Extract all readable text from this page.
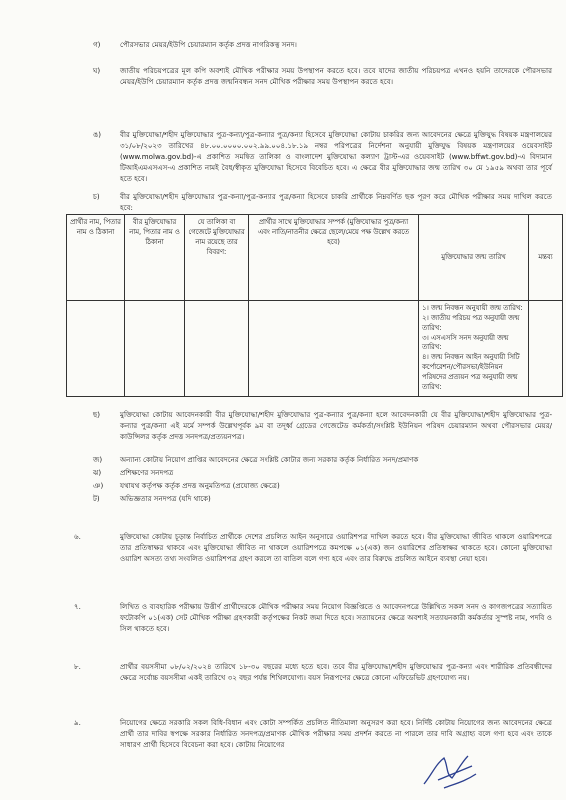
গ)	পৌরসভার মেয়র/ইউপি চেয়ারম্যান কর্তৃক প্রদত্ত নাগরিকত্ব সনদ।
ঘ)	জাতীয় পরিচয়পত্রের মূল কপি অবশ্যই মৌখিক পরীক্ষার সময় উপস্থাপন করতে হবে। তবে যাদের জাতীয় পরিচয়পত্র এখনও হয়নি তাদেরকে পৌরসভার মেয়র/ইউপি চেয়ারম্যান কর্তৃক প্রদত্ত জন্মনিবন্ধন সনদ মৌখিক পরীক্ষার সময় উপস্থাপন করতে হবে।
ঙ)	বীর মুক্তিযোদ্ধা/শহীদ মুক্তিযোদ্ধার পুত্র-কন্যা/পুত্র-কন্যার পুত্র/কন্যা হিসেবে মুক্তিযোদ্ধা কোটায় চাকরির জন্য আবেদনের ক্ষেত্রে মুক্তিযুদ্ধ বিষয়ক মন্ত্রণালয়ের ৩১/০৮/২০২৩ তারিখের ৪৮.০০.০০০০.০০২.৯৯.০০৪.১৮.১৯ নম্বর পরিপত্রের নির্দেশনা অনুযায়ী মুক্তিযুদ্ধ বিষয়ক মন্ত্রণালয়ের ওয়েবসাইট (www.molwa.gov.bd)-এ প্রকাশিত সমন্বিত তালিকা ও বাংলাদেশ মুক্তিযোদ্ধা কল্যাণ ট্রাস্ট-এর ওয়েবসাইট (www.bffwt.gov.bd)-এ বিদ্যমান টিআইএমএসএস-এ প্রকাশিত নামই বৈধ/স্বীকৃত মুক্তিযোদ্ধা হিসেবে বিবেচিত হবে। এ ক্ষেত্রে বীর মুক্তিযোদ্ধার জন্ম তারিখ ৩০ মে ১৯৫৯ অথবা তার পূর্বে হতে হবে।
চ)	বীর মুক্তিযোদ্ধা/শহীদ মুক্তিযোদ্ধার পুত্র-কন্যা/পুত্র-কন্যার পুত্র/কন্যা হিসেবে চাকরি প্রার্থীকে নিম্নবর্ণিত ছক পূরণ করে মৌখিক পরীক্ষার সময় দাখিল করতে হবে:
প্রার্থীর নাম, পিতার নাম ও ঠিকানা	বীর মুক্তিযোদ্ধার নাম, পিতার নাম ও ঠিকানা	যে তালিকা বা গেজেটে মুক্তিযোদ্ধার নাম রয়েছে তার বিবরণ:	প্রার্থীর সাথে মুক্তিযোদ্ধার সম্পর্ক (মুক্তিযোদ্ধার পুত্র/কন্যা এবং নাতি/নাতনীর ক্ষেত্রে ছেলে/মেয়ে পক্ষ উল্লেখ করতে হবে)	মুক্তিযোদ্ধার জন্ম তারিখ	মন্তব্য

				১। জন্ম নিবন্ধন অনুযায়ী জন্ম তারিখ:
২। জাতীয় পরিচয় পত্র অনুযায়ী জন্ম তারিখ:
৩। এসএসসি সনদ অনুযায়ী জন্ম তারিখ:
৪। জন্ম নিবন্ধন আইন অনুযায়ী সিটি কর্পোরেশন/পৌরসভা/ইউনিয়ন পরিষদের প্রত্যয়ন পত্র অনুযায়ী জন্ম তারিখ:	

ছ)	মুক্তিযোদ্ধা কোটায় আবেদনকারী বীর মুক্তিযোদ্ধা/শহীদ মুক্তিযোদ্ধার পুত্র-কন্যার পুত্র/কন্যা হলে আবেদনকারী যে বীর মুক্তিযোদ্ধা/শহীদ মুক্তিযোদ্ধার পুত্র-কন্যার পুত্র/কন্যা এই মর্মে সম্পর্ক উল্লেখপূর্বক ৯ম বা তদূর্ধ্ব গ্রেডের গেজেটেড কর্মকর্তা/সংশ্লিষ্ট ইউনিয়ন পরিষদ চেয়ারম্যান অথবা পৌরসভার মেয়র/কাউন্সিলর কর্তৃক প্রদত্ত সনদপত্র/প্রত্যয়নপত্র।
জ)	অন্যান্য কোটায় নিয়োগ প্রাপ্তির আবেদনের ক্ষেত্রে সংশ্লিষ্ট কোটার জন্য সরকার কর্তৃক নির্ধারিত সনদ/প্রমাণক
ঝ)	প্রশিক্ষণের সনদপত্র
ঞ) যথাযথ কর্তৃপক্ষ কর্তৃক প্রদত্ত অনুমতিপত্র (প্রযোজ্য ক্ষেত্রে)
ট)	অভিজ্ঞতার সনদপত্র (যদি থাকে)
৬.	মুক্তিযোদ্ধা কোটায় চূড়ান্ত নির্বাচিত প্রার্থীকে দেশের প্রচলিত আইন অনুসারে ওয়ারিশপত্র দাখিল করতে হবে। বীর মুক্তিযোদ্ধা জীবিত থাকলে ওয়ারিশপত্রে তার প্রতিস্বাক্ষর থাকবে এবং মুক্তিযোদ্ধা জীবিত না থাকলে ওয়ারিশপত্রে কমপক্ষে ০১(এক) জন ওয়ারিশের প্রতিস্বাক্ষর থাকতে হবে। কোনো মুক্তিযোদ্ধা ওয়ারিশ অসত্য তথ্য সংবলিত ওয়ারিশপত্র গ্রহণ করলে তা বাতিল বলে গণ্য হবে এবং তার বিরুদ্ধে প্রচলিত আইনে ব্যবস্থা নেয়া হবে।
৭.	লিখিত ও ব্যবহারিক পরীক্ষায় উত্তীর্ণ প্রার্থীদেরকে মৌখিক পরীক্ষার সময় নিয়োগ বিজ্ঞপ্তিতে ও আবেদনপত্রে উল্লিখিত সকল সনদ ও কাগজপত্রের সত্যায়িত ফটোকপি ০১(এক) সেট মৌখিক পরীক্ষা গ্রহণকারী কর্তৃপক্ষের নিকট জমা দিতে হবে। সত্যায়নের ক্ষেত্রে অবশ্যই সত্যায়নকারী কর্মকর্তার সুস্পষ্ট নাম, পদবি ও সিল থাকতে হবে।
৮.	প্রার্থীর বয়সসীমা ০৮/০২/২০২৪ তারিখে ১৮-৩০ বছরের মধ্যে হতে হবে। তবে বীর মুক্তিযোদ্ধা/শহীদ মুক্তিযোদ্ধার পুত্র-কন্যা এবং শারীরিক প্রতিবন্ধীদের ক্ষেত্রে সর্বোচ্চ বয়সসীমা একই তারিখে ৩২ বছর পর্যন্ত শিথিলযোগ্য। বয়স নিরূপণের ক্ষেত্রে কোনো এফিডেভিট গ্রহণযোগ্য নয়।
৯.	নিয়োগের ক্ষেত্রে সরকারি সকল বিধি-বিধান এবং কোটা সম্পর্কিত প্রচলিত নীতিমালা অনুসরণ করা হবে। নির্দিষ্ট কোটায় নিয়োগের জন্য আবেদনের ক্ষেত্রে প্রার্থী তার দাবির স্বপক্ষে সরকার নির্ধারিত সনদপত্র/প্রমাণক মৌখিক পরীক্ষার সময় প্রদর্শন করতে না পারলে তার দাবি অগ্রাহ্য বলে গণ্য হবে এবং তাকে সাধারণ প্রার্থী হিসেবে বিবেচনা করা হবে। কোটায় নিয়োগের
